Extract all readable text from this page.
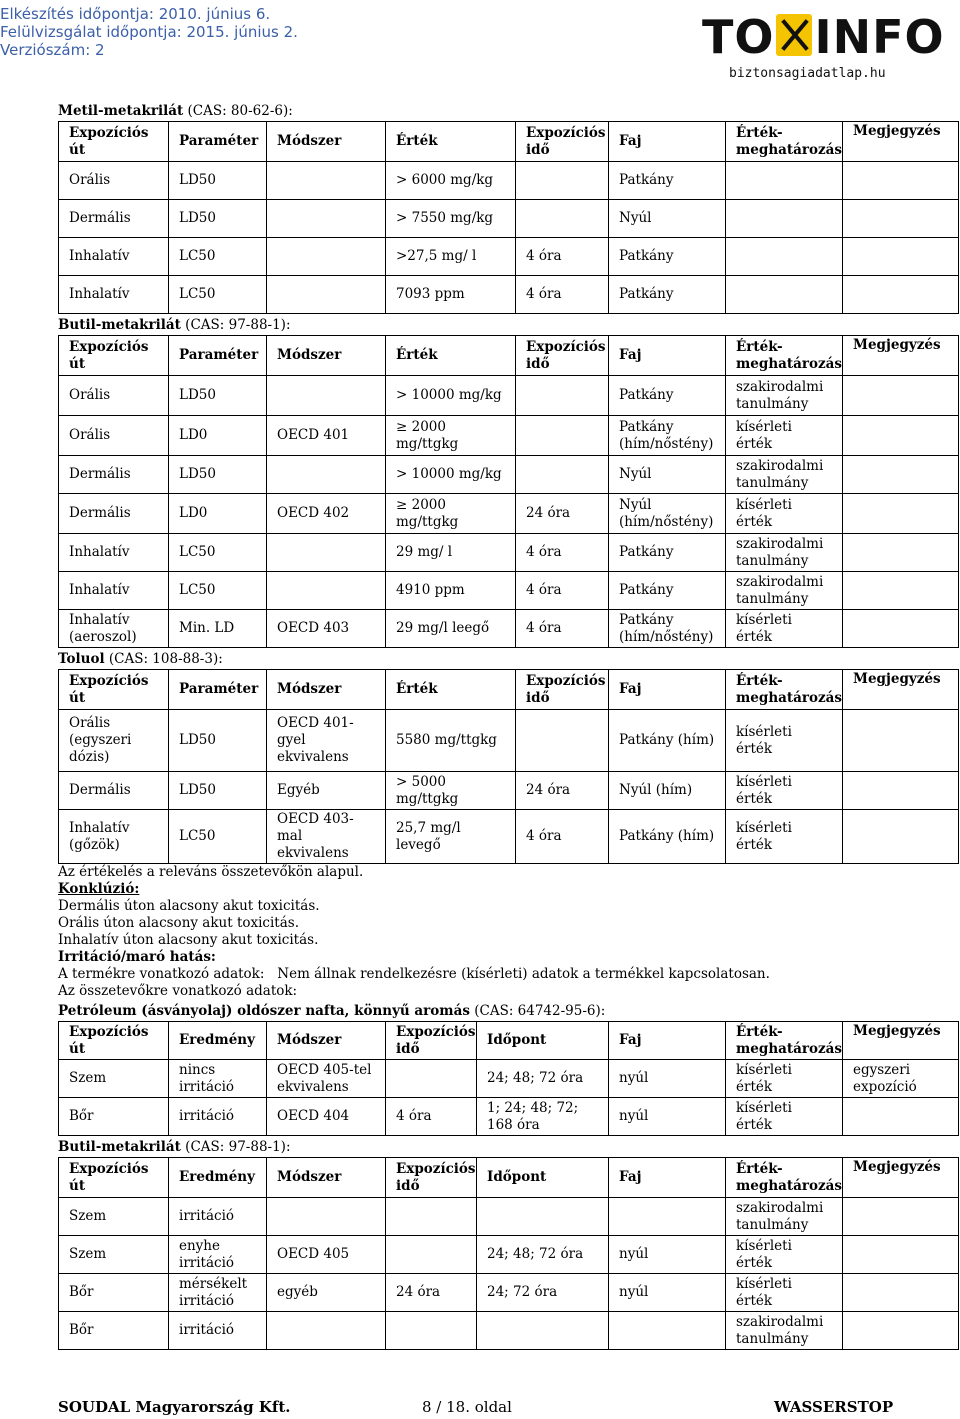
Elkészítés időpontja: 2010. június 6.
Felülvizsgálat időpontja: 2015. június 2.
Verziószám: 2	TO INFO
biztonsagiadatlap.hu
Metil-metakrilát (CAS: 80-62-6):
Expozíciós út	Paraméter	Módszer	Érték	Expozíciós idő	Faj	Érték-meghatározás	Megjegyzés
Orális	LD50		> 6000 mg/kg		Patkány		
Dermális	LD50		> 7550 mg/kg		Nyúl		
Inhalatív	LC50		>27,5 mg/ l	4 óra	Patkány		
Inhalatív	LC50		7093 ppm	4 óra	Patkány		
Butil-metakrilát (CAS: 97-88-1):
Expozíciós út	Paraméter	Módszer	Érték	Expozíciós idő	Faj	Érték-meghatározás	Megjegyzés
Orális	LD50		> 10000 mg/kg		Patkány	szakirodalmi tanulmány	
Orális	LD0	OECD 401	≥ 2000 mg/ttgkg		Patkány (hím/nőstény)	kísérleti érték	
Dermális	LD50		> 10000 mg/kg		Nyúl	szakirodalmi tanulmány	
Dermális	LD0	OECD 402	≥ 2000 mg/ttgkg	24 óra	Nyúl (hím/nőstény)	kísérleti érték	
Inhalatív	LC50		29 mg/ l	4 óra	Patkány	szakirodalmi tanulmány	
Inhalatív	LC50		4910 ppm	4 óra	Patkány	szakirodalmi tanulmány	
Inhalatív (aeroszol)	Min. LD	OECD 403	29 mg/l leegő	4 óra	Patkány (hím/nőstény)	kísérleti érték	
Toluol (CAS: 108-88-3):
Expozíciós út	Paraméter	Módszer	Érték	Expozíciós idő	Faj	Érték-meghatározás	Megjegyzés
Orális (egyszeri dózis)	LD50	OECD 401-gyel ekvivalens	5580 mg/ttgkg		Patkány (hím)	kísérleti érték	
Dermális	LD50	Egyéb	> 5000 mg/ttgkg	24 óra	Nyúl (hím)	kísérleti érték	
Inhalatív (gőzök)	LC50	OECD 403-mal ekvivalens	25,7 mg/l levegő	4 óra	Patkány (hím)	kísérleti érték	

Az értékelés a releváns összetevőkön alapul.

Konklúzió:

Dermális úton alacsony akut toxicitás.

Orális úton alacsony akut toxicitás.

Inhalatív úton alacsony akut toxicitás.

Irritáció/maró hatás:

A termékre vonatkozó adatok:   Nem állnak rendelkezésre (kísérleti) adatok a termékkel kapcsolatosan.

Az összetevőkre vonatkozó adatok:

Petróleum (ásványolaj) oldószer nafta, könnyű aromás (CAS: 64742-95-6):
Expozíciós út	Eredmény	Módszer	Expozíciós idő	Időpont	Faj	Érték-meghatározás	Megjegyzés
Szem	nincs irritáció	OECD 405-tel ekvivalens		24; 48; 72 óra	nyúl	kísérleti érték	egyszeri expozíció
Bőr	irritáció	OECD 404	4 óra	1; 24; 48; 72; 168 óra	nyúl	kísérleti érték	
Butil-metakrilát (CAS: 97-88-1):
Expozíciós út	Eredmény	Módszer	Expozíciós idő	Időpont	Faj	Érték-meghatározás	Megjegyzés
Szem	irritáció					szakirodalmi tanulmány	
Szem	enyhe irritáció	OECD 405		24; 48; 72 óra	nyúl	kísérleti érték	
Bőr	mérsékelt irritáció	egyéb	24 óra	24; 72 óra	nyúl	kísérleti érték	
Bőr	irritáció					szakirodalmi tanulmány	
SOUDAL Magyarország Kft.	8 / 18. oldal	WASSERSTOP
